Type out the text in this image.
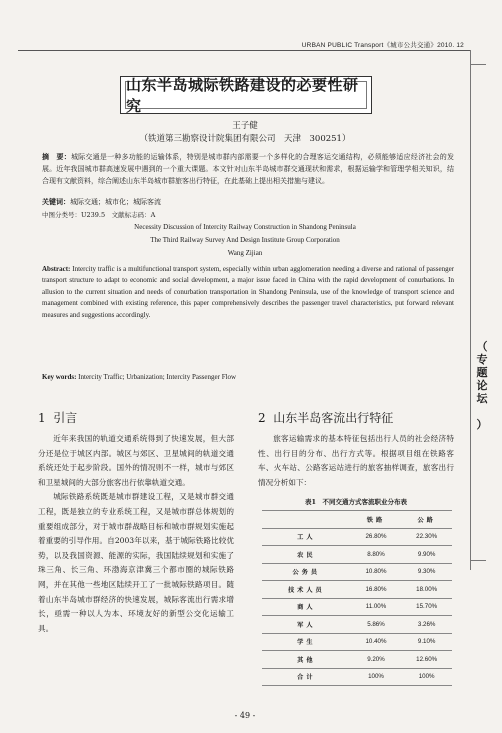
URBAN PUBLIC Transport《城市公共交通》2010. 12
（

专
题
论
坛

）
山东半岛城际铁路建设的必要性研究
王子健
（铁道第三勘察设计院集团有限公司　天津　300251）
摘　要：城际交通是一种多功能的运输体系，特别是城市群内部需要一个多样化的合理客运交通结构，必须能够适应经济社会的发展。近年我国城市群高速发展中遇到的一个重大课题。本文针对山东半岛城市群交通现状和需求，根据运输学和管理学相关知识，结合现有文献资料，综合阐述山东半岛城市群旅客出行特征，在此基础上提出相关措施与建议。
关键词：城际交通；城市化；城际客流
中图分类号：U239.5　文献标志码：A
Necessity Discussion of Intercity Railway Construction in Shandong Peninsula
The Third Railway Survey And Design Institute Group Corporation
Wang Zijian
Abstract: Intercity traffic is a multifunctional transport system, especially within urban agglomeration needing a diverse and rational of passenger transport structure to adapt to economic and social development, a major issue faced in China with the rapid development of conurbations. In allusion to the current situation and needs of conurbation transportation in Shandong Peninsula, use of the knowledge of transport science and management combined with existing reference, this paper comprehensively describes the passenger travel characteristics, put forward relevant measures and suggestions accordingly.
Key words: Intercity Traffic; Urbanization; Intercity Passenger Flow
1 引言	2 山东半岛客流出行特征

近年来我国的轨道交通系统得到了快速发展，但大部分还是位于城区内部。城区与郊区、卫星城间的轨道交通系统还处于起步阶段。国外的情况则不一样，城市与郊区和卫星城间的大部分旅客出行依靠轨道交通。

城际铁路系统既是城市群建设工程，又是城市群交通工程，既是独立的专业系统工程，又是城市群总体规划的重要组成部分，对于城市群战略目标和城市群规划实施起着重要的引导作用。自2003年以来，基于城际铁路比较优势，以及我国资源、能源的实际，我国陆续规划和实施了珠三角、长三角、环渤海京津冀三个都市圈的城际铁路网，并在其他一些地区陆续开工了一批城际铁路项目。随着山东半岛城市群经济的快速发展，城际客流出行需求增长，亟需一种以人为本、环境友好的新型公交化运输工具。

旅客运输需求的基本特征包括出行人员的社会经济特性、出行目的分布、出行方式等。根据项目组在铁路客车、火车站、公路客运站进行的旅客抽样调查，旅客出行情况分析如下：

表1　不同交通方式客流职业分布表
	铁路	公路
工人	26.80%	22.30%
农民	8.80%	9.90%
公务员	10.80%	9.30%
技术人员	16.80%	18.00%
商人	11.00%	15.70%
军人	5.86%	3.26%
学生	10.40%	9.10%
其他	9.20%	12.60%
合计	100%	100%
- 49 -
